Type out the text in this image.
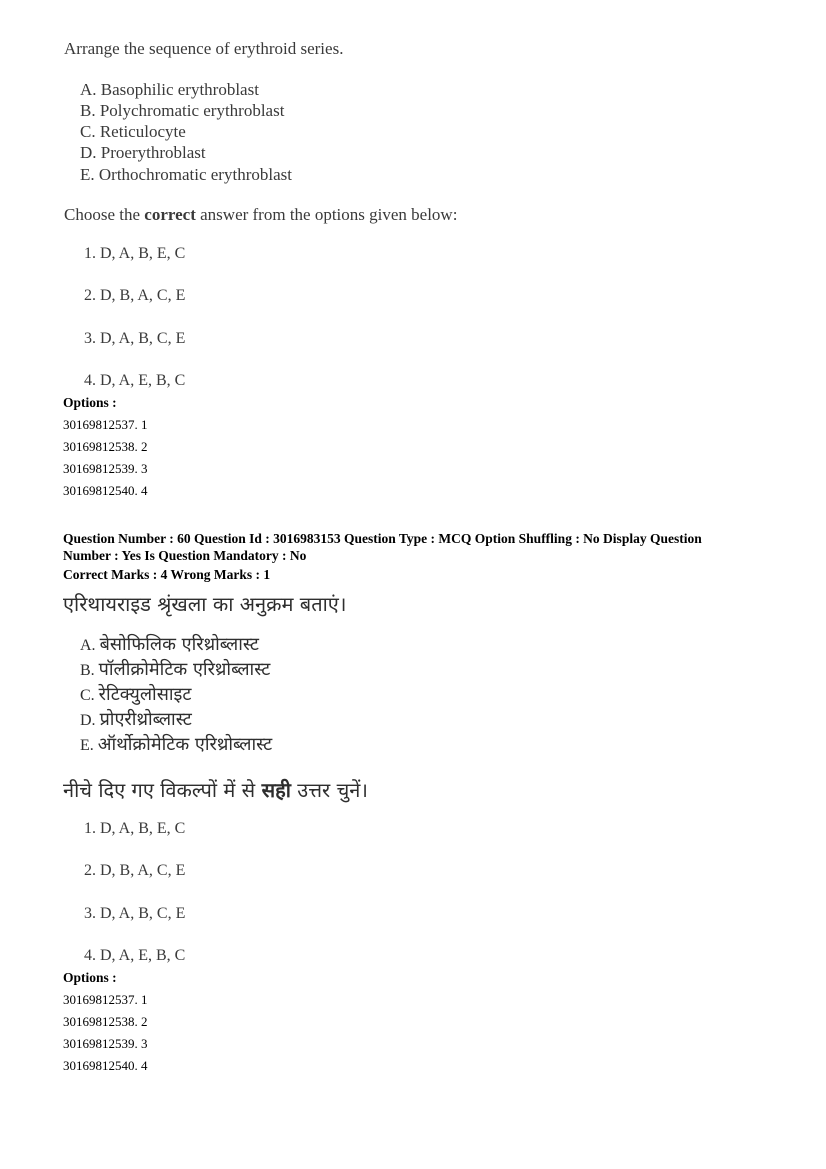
Arrange the sequence of erythroid series.
A. Basophilic erythroblast
B. Polychromatic erythroblast
C. Reticulocyte
D. Proerythroblast
E. Orthochromatic erythroblast
Choose the correct answer from the options given below:
1. D, A, B, E, C
2. D, B, A, C, E
3. D, A, B, C, E
4. D, A, E, B, C
Options :
30169812537. 1
30169812538. 2
30169812539. 3
30169812540. 4
Question Number : 60 Question Id : 3016983153 Question Type : MCQ Option Shuffling : No Display Question
Number : Yes Is Question Mandatory : No
Correct Marks : 4 Wrong Marks : 1
एरिथायराइड श्रृंखला का अनुक्रम बताएं।
A. बेसोफिलिक एरिथ्रोब्लास्ट
B. पॉलीक्रोमेटिक एरिथ्रोब्लास्ट
C. रेटिक्युलोसाइट
D. प्रोएरीथ्रोब्लास्ट
E. ऑर्थोक्रोमेटिक एरिथ्रोब्लास्ट
नीचे दिए गए विकल्पों में से सही उत्तर चुनें।
1. D, A, B, E, C
2. D, B, A, C, E
3. D, A, B, C, E
4. D, A, E, B, C
Options :
30169812537. 1
30169812538. 2
30169812539. 3
30169812540. 4
